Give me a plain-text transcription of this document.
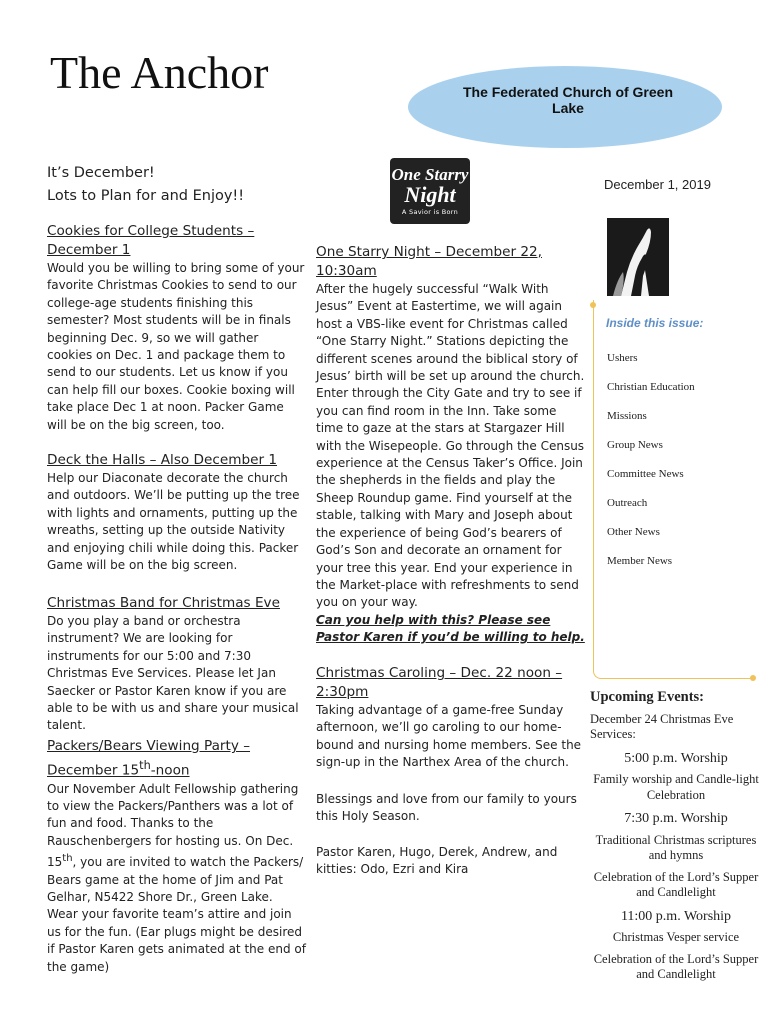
The Anchor	The Federated Church of Green Lake
It’s December!
Lots to Plan for and Enjoy!!
One Starry
Night
A Savior is Born
December 1, 2019
Cookies for College Students – December 1

Would you be willing to bring some of your favorite Christmas Cookies to send to our college-age students finishing this semester? Most students will be in finals beginning Dec. 9, so we will gather cookies on Dec. 1 and package them to send to our students. Let us know if you can help fill our boxes. Cookie boxing will take place Dec 1 at noon. Packer Game will be on the big screen, too.

Deck the Halls – Also December 1

Help our Diaconate decorate the church and outdoors. We’ll be putting up the tree with lights and ornaments, putting up the wreaths, setting up the outside Nativity and enjoying chili while doing this. Packer Game will be on the big screen.

Christmas Band for Christmas Eve

Do you play a band or orchestra instrument? We are looking for instruments for our 5:00 and 7:30 Christmas Eve Services. Please let Jan Saecker or Pastor Karen know if you are able to be with us and share your musical talent.

Packers/Bears Viewing Party – December 15th-noon

Our November Adult Fellowship gathering to view the Packers/Panthers was a lot of fun and food. Thanks to the Rauschenbergers for hosting us. On Dec. 15th, you are invited to watch the Packers/ Bears game at the home of Jim and Pat Gelhar, N5422 Shore Dr., Green Lake. Wear your favorite team’s attire and join us for the fun. (Ear plugs might be desired if Pastor Karen gets animated at the end of the game)

One Starry Night – December 22, 10:30am

After the hugely successful “Walk With Jesus” Event at Eastertime, we will again host a VBS-like event for Christmas called “One Starry Night.” Stations depicting the different scenes around the biblical story of Jesus’ birth will be set up around the church. Enter through the City Gate and try to see if you can find room in the Inn. Take some time to gaze at the stars at Stargazer Hill with the Wisepeople. Go through the Census experience at the Census Taker’s Office. Join the shepherds in the fields and play the Sheep Roundup game. Find yourself at the stable, talking with Mary and Joseph about the experience of being God’s bearers of God’s Son and decorate an ornament for your tree this year. End your experience in the Market-place with refreshments to send you on your way.

Can you help with this? Please see Pastor Karen if you’d be willing to help.

Christmas Caroling – Dec. 22 noon – 2:30pm

Taking advantage of a game-free Sunday afternoon, we’ll go caroling to our home-bound and nursing home members. See the sign-up in the Narthex Area of the church.

Blessings and love from our family to yours this Holy Season.
Pastor Karen, Hugo, Derek, Andrew, and kitties: Odo, Ezri and Kira
Inside this issue:
Ushers
Christian Education
Missions
Group News
Committee News
Outreach
Other News
Member News
Upcoming Events:
December 24 Christmas Eve Services:
5:00 p.m. Worship
Family worship and Candle-light Celebration
7:30 p.m. Worship
Traditional Christmas scriptures and hymns
Celebration of the Lord’s Supper and Candlelight
11:00 p.m. Worship
Christmas Vesper service
Celebration of the Lord’s Supper and Candlelight
